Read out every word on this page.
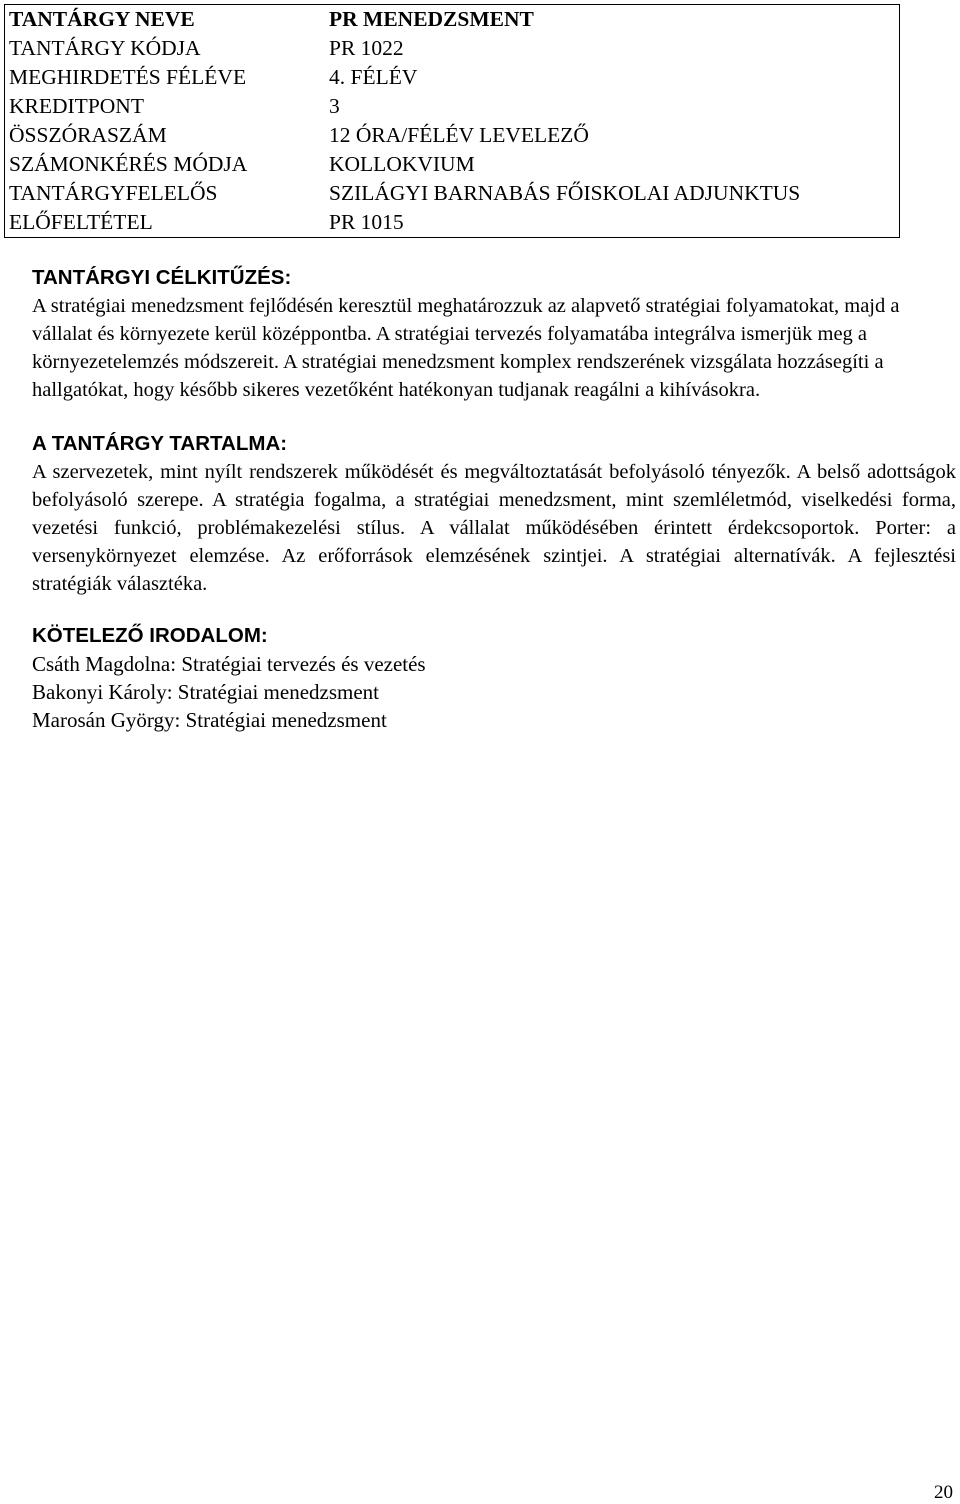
TANTÁRGY NEVE	PR MENEDZSMENT
TANTÁRGY KÓDJA	PR 1022
MEGHIRDETÉS FÉLÉVE	4. FÉLÉV
KREDITPONT	3
ÖSSZÓRASZÁM	12 ÓRA/FÉLÉV LEVELEZŐ
SZÁMONKÉRÉS MÓDJA	KOLLOKVIUM
TANTÁRGYFELELŐS	SZILÁGYI BARNABÁS FŐISKOLAI ADJUNKTUS
ELŐFELTÉTEL	PR 1015
TANTÁRGYI CÉLKITŰZÉS:

A stratégiai menedzsment fejlődésén keresztül meghatározzuk az alapvető stratégiai folyamatokat, majd a vállalat és környezete kerül középpontba. A stratégiai tervezés folyamatába integrálva ismerjük meg a környezetelemzés módszereit. A stratégiai menedzsment komplex rendszerének vizsgálata hozzásegíti a hallgatókat, hogy később sikeres vezetőként hatékonyan tudjanak reagálni a kihívásokra.

A TANTÁRGY TARTALMA:

A szervezetek, mint nyílt rendszerek működését és megváltoztatását befolyásoló tényezők. A belső adottságok befolyásoló szerepe. A stratégia fogalma, a stratégiai menedzsment, mint szemléletmód, viselkedési forma, vezetési funkció, problémakezelési stílus. A vállalat működésében érintett érdekcsoportok. Porter: a versenykörnyezet elemzése. Az erőforrások elemzésének szintjei. A stratégiai alternatívák. A fejlesztési stratégiák választéka.

KÖTELEZŐ IRODALOM:

Csáth Magdolna: Stratégiai tervezés és vezetés

Bakonyi Károly: Stratégiai menedzsment

Marosán György: Stratégiai menedzsment

20
